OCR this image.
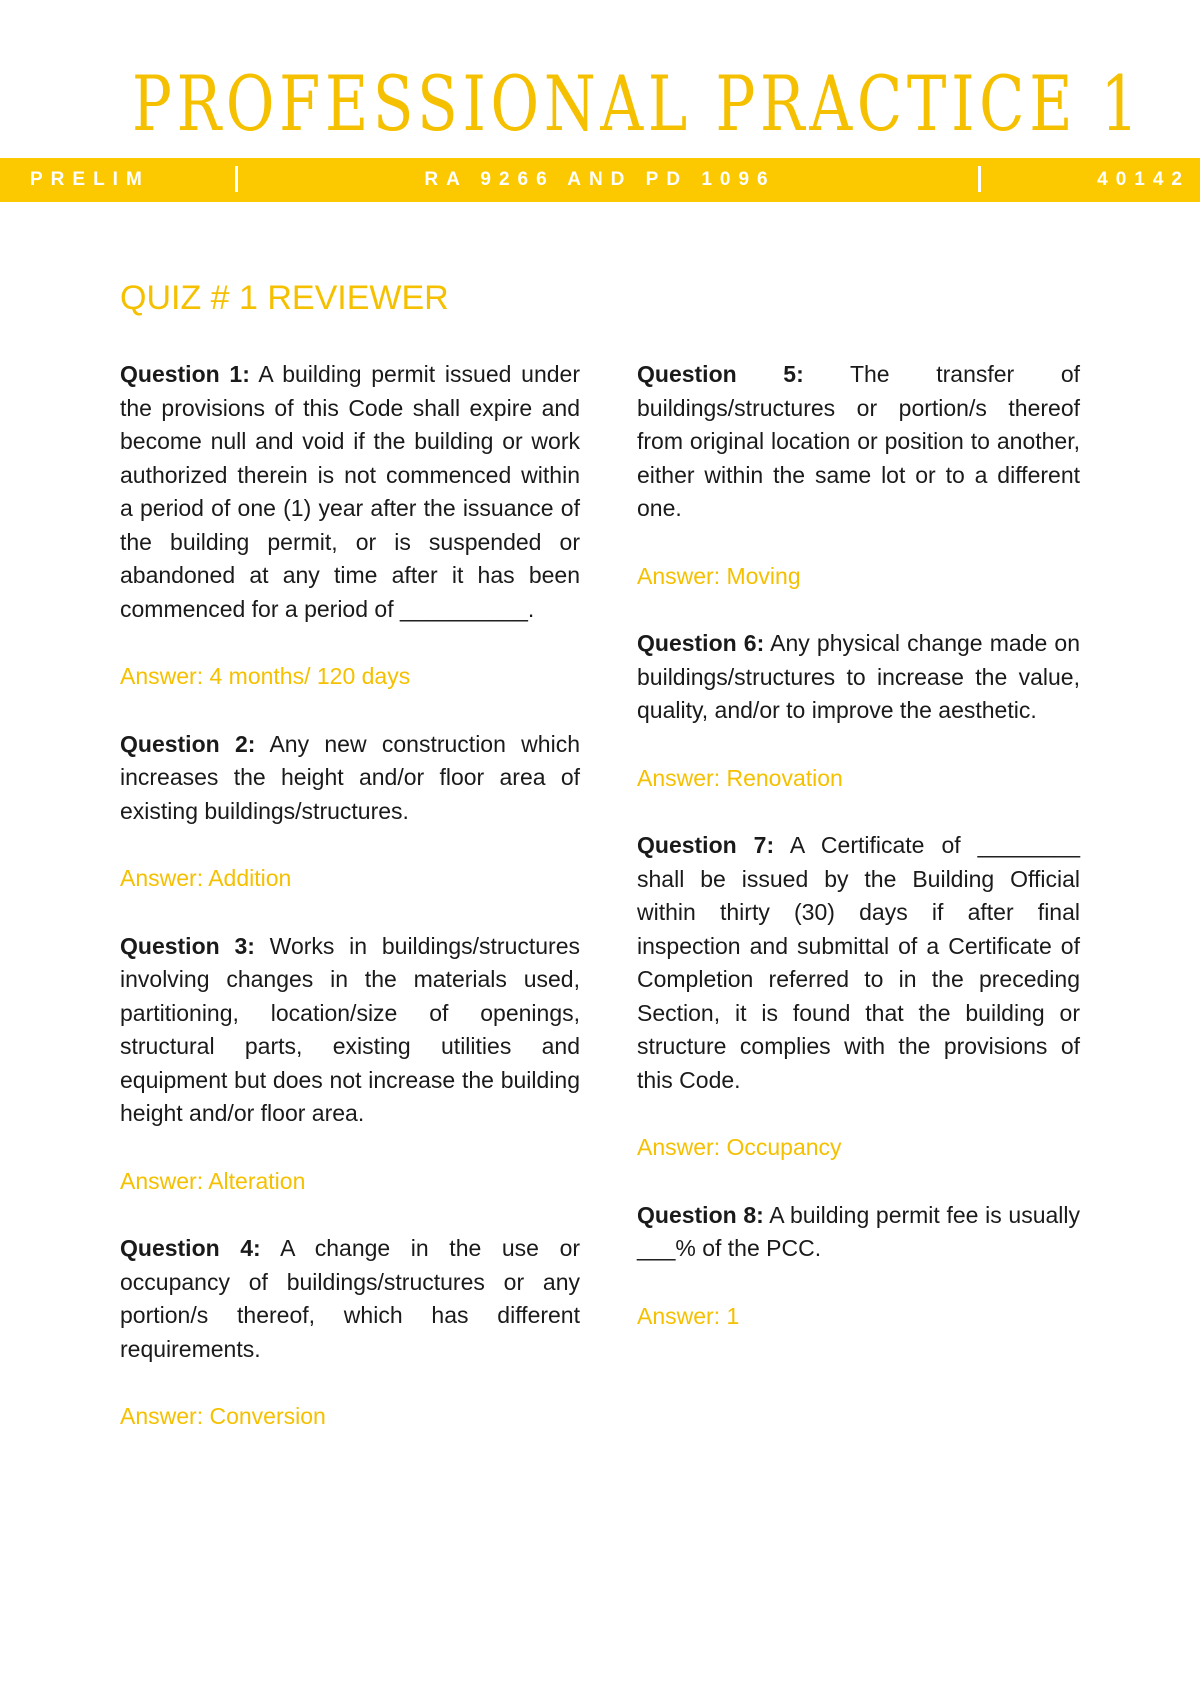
PROFESSIONAL PRACTICE 1
PRELIM	RA 9266 AND PD 1096	40142
QUIZ # 1 REVIEWER

Question 1: A building permit issued under the provisions of this Code shall expire and become null and void if the building or work authorized therein is not commenced within a period of one (1) year after the issuance of the building permit, or is suspended or abandoned at any time after it has been commenced for a period of __________.

Answer: 4 months/ 120 days

Question 2: Any new construction which increases the height and/or floor area of existing buildings/structures.

Answer: Addition

Question 3: Works in buildings/structures involving changes in the materials used, partitioning, location/size of openings, structural parts, existing utilities and equipment but does not increase the building height and/or floor area.

Answer: Alteration

Question 4: A change in the use or occupancy of buildings/structures or any portion/s thereof, which has different requirements.

Answer: Conversion

Question 5: The transfer of buildings/structures or portion/s thereof from original location or position to another, either within the same lot or to a different one.

Answer: Moving

Question 6: Any physical change made on buildings/structures to increase the value, quality, and/or to improve the aesthetic.

Answer: Renovation

Question 7: A Certificate of ________ shall be issued by the Building Official within thirty (30) days if after final inspection and submittal of a Certificate of Completion referred to in the preceding Section, it is found that the building or structure complies with the provisions of this Code.

Answer: Occupancy

Question 8: A building permit fee is usually ___% of the PCC.

Answer: 1
